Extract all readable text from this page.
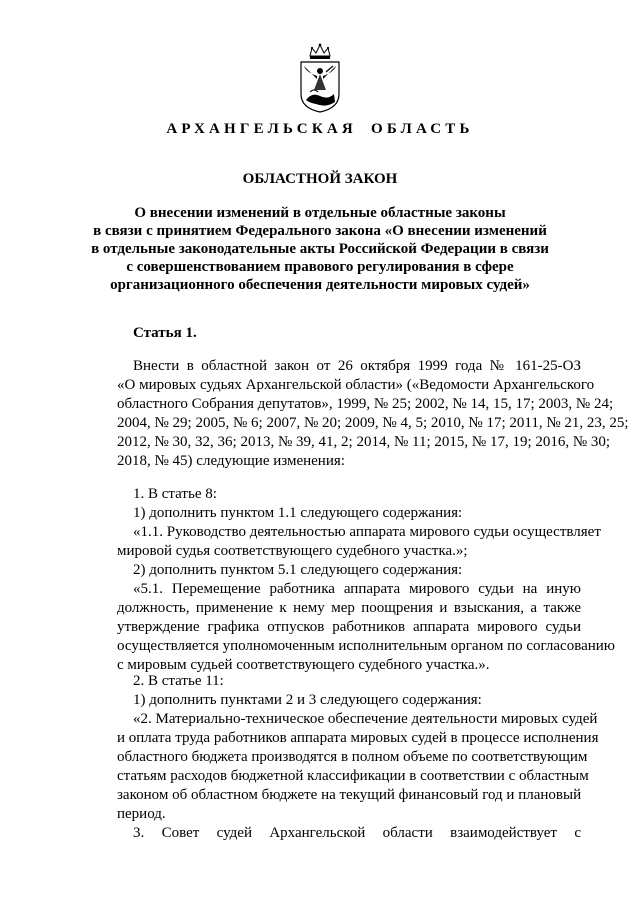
АРХАНГЕЛЬСКАЯ ОБЛАСТЬ
ОБЛАСТНОЙ ЗАКОН
О внесении изменений в отдельные областные законы
в связи с принятием Федерального закона «О внесении изменений
в отдельные законодательные акты Российской Федерации в связи
с совершенствованием правового регулирования в сфере
организационного обеспечения деятельности мировых судей»
Статья 1.
Внести в областной закон от 26 октября 1999 года № 161-25-ОЗ
«О мировых судьях Архангельской области» («Ведомости Архангельского
областного Собрания депутатов», 1999, № 25; 2002, № 14, 15, 17; 2003, № 24;
2004, № 29; 2005, № 6; 2007, № 20; 2009, № 4, 5; 2010, № 17; 2011, № 21, 23, 25;
2012, № 30, 32, 36; 2013, № 39, 41, 2; 2014, № 11; 2015, № 17, 19; 2016, № 30;
2018, № 45) следующие изменения:
1. В статье 8:
1) дополнить пунктом 1.1 следующего содержания:
«1.1. Руководство деятельностью аппарата мирового судьи осуществляет
мировой судья соответствующего судебного участка.»;
2) дополнить пунктом 5.1 следующего содержания:
«5.1. Перемещение работника аппарата мирового судьи на иную
должность, применение к нему мер поощрения и взыскания, а также
утверждение графика отпусков работников аппарата мирового судьи
осуществляется уполномоченным исполнительным органом по согласованию
с мировым судьей соответствующего судебного участка.».
2. В статье 11:
1) дополнить пунктами 2 и 3 следующего содержания:
«2. Материально-техническое обеспечение деятельности мировых судей
и оплата труда работников аппарата мировых судей в процессе исполнения
областного бюджета производятся в полном объеме по соответствующим
статьям расходов бюджетной классификации в соответствии с областным
законом об областном бюджете на текущий финансовый год и плановый
период.
3. Совет судей Архангельской области взаимодействует с
